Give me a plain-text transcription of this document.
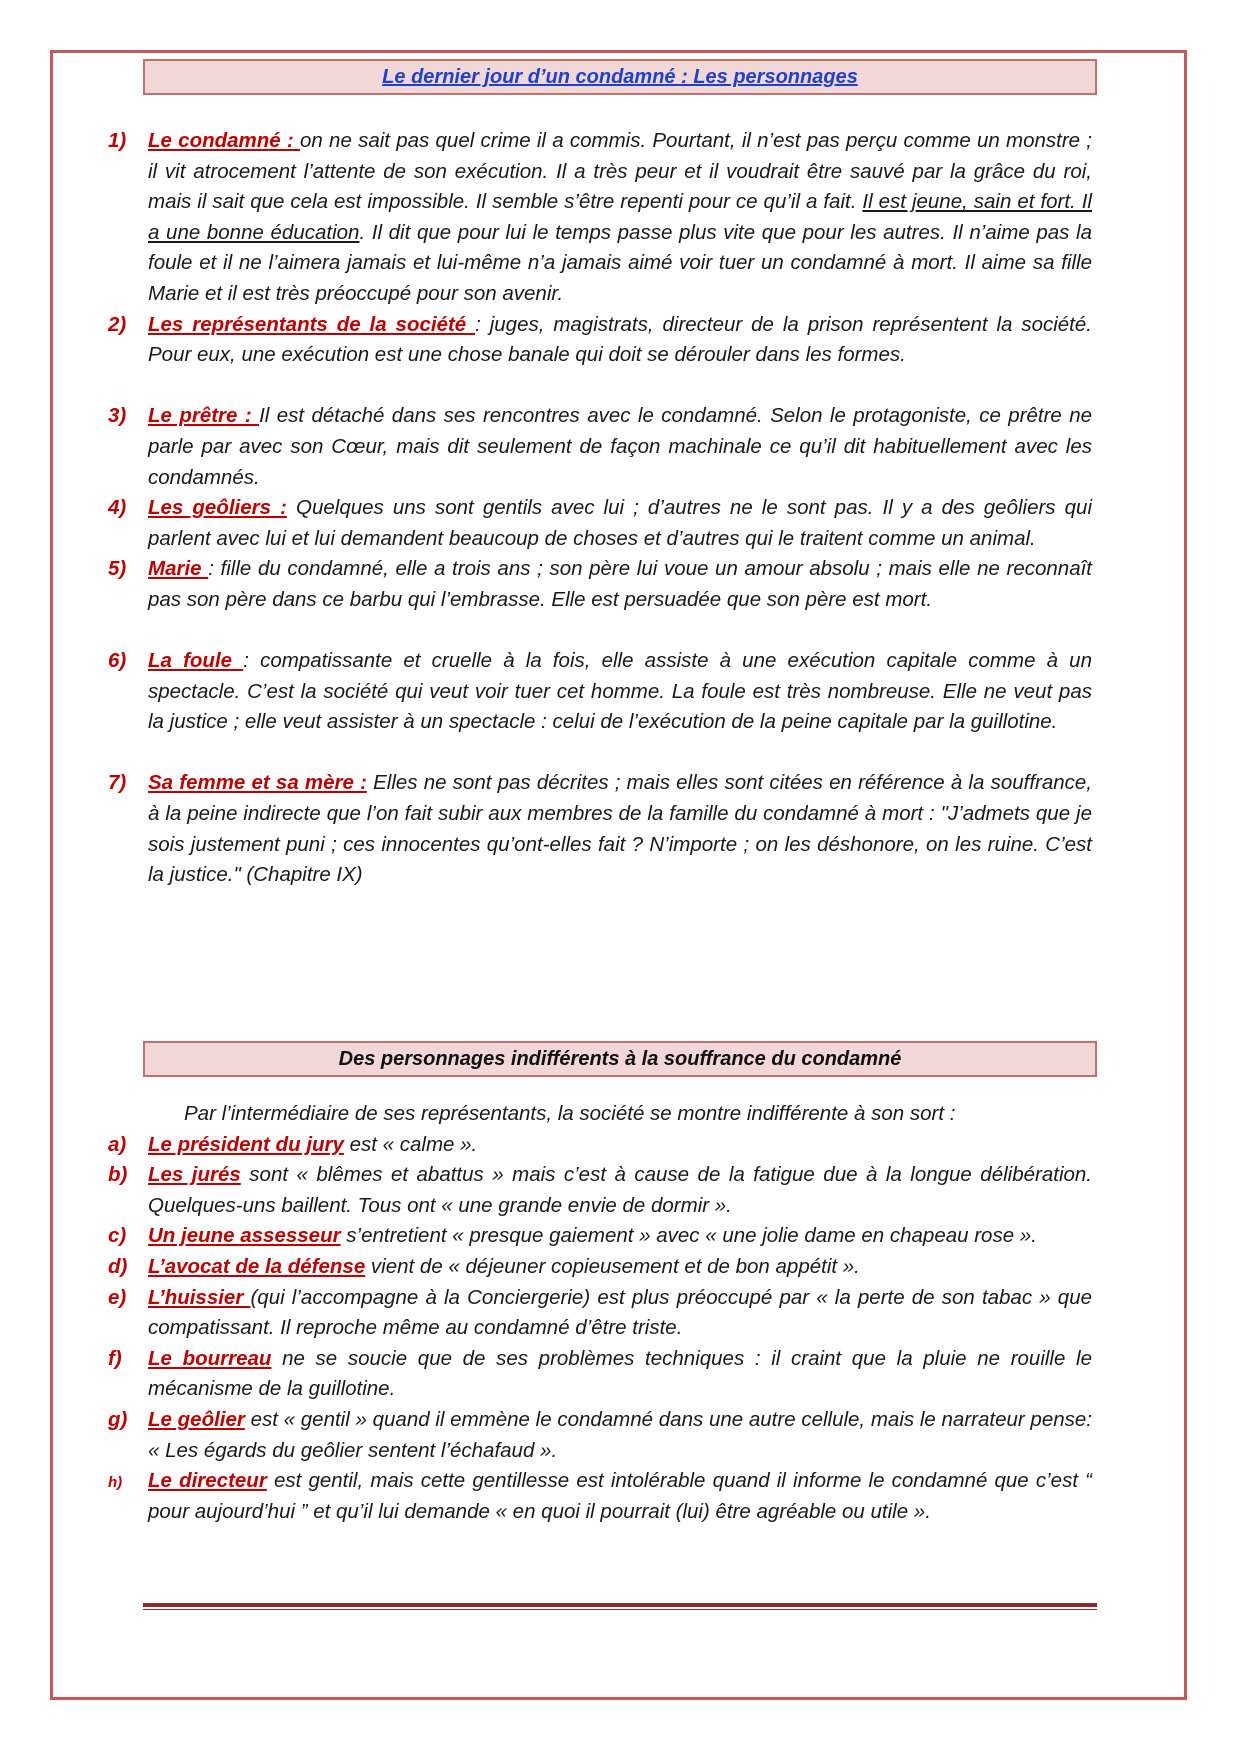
Le dernier jour d’un condamné : Les personnages
1) Le condamné : on ne sait pas quel crime il a commis. Pourtant, il n’est pas perçu comme un monstre ; il vit atrocement l’attente de son exécution. Il a très peur et il voudrait être sauvé par la grâce du roi, mais il sait que cela est impossible. Il semble s’être repenti pour ce qu’il a fait. Il est jeune, sain et fort. Il a une bonne éducation. Il dit que pour lui le temps passe plus vite que pour les autres. Il n’aime pas la foule et il ne l’aimera jamais et lui-même n’a jamais aimé voir tuer un condamné à mort. Il aime sa fille Marie et il est très préoccupé pour son avenir.
2) Les représentants de la société : juges, magistrats, directeur de la prison représentent la société. Pour eux, une exécution est une chose banale qui doit se dérouler dans les formes.
3) Le prêtre : Il est détaché dans ses rencontres avec le condamné. Selon le protagoniste, ce prêtre ne parle par avec son Cœur, mais dit seulement de façon machinale ce qu’il dit habituellement avec les condamnés.
4) Les geôliers : Quelques uns sont gentils avec lui ; d’autres ne le sont pas. Il y a des geôliers qui parlent avec lui et lui demandent beaucoup de choses et d’autres qui le traitent comme un animal.
5) Marie : fille du condamné, elle a trois ans ; son père lui voue un amour absolu ; mais elle ne reconnaît pas son père dans ce barbu qui l’embrasse. Elle est persuadée que son père est mort.
6) La foule : compatissante et cruelle à la fois, elle assiste à une exécution capitale comme à un spectacle. C’est la société qui veut voir tuer cet homme. La foule est très nombreuse. Elle ne veut pas la justice ; elle veut assister à un spectacle : celui de l’exécution de la peine capitale par la guillotine.
7) Sa femme et sa mère : Elles ne sont pas décrites ; mais elles sont citées en référence à la souffrance, à la peine indirecte que l’on fait subir aux membres de la famille du condamné à mort : "J’admets que je sois justement puni ; ces innocentes qu’ont-elles fait ? N’importe ; on les déshonore, on les ruine. C’est la justice." (Chapitre IX)
Des personnages indifférents à la souffrance du condamné
Par l’intermédiaire de ses représentants, la société se montre indifférente à son sort :
a) Le président du jury est « calme ».
b) Les jurés sont « blêmes et abattus » mais c’est à cause de la fatigue due à la longue délibération. Quelques-uns baillent. Tous ont « une grande envie de dormir ».
c) Un jeune assesseur s’entretient « presque gaiement » avec « une jolie dame en chapeau rose ».
d) L’avocat de la défense vient de « déjeuner copieusement et de bon appétit ».
e) L’huissier (qui l’accompagne à la Conciergerie) est plus préoccupé par « la perte de son tabac » que compatissant. Il reproche même au condamné d’être triste.
f) Le bourreau ne se soucie que de ses problèmes techniques : il craint que la pluie ne rouille le mécanisme de la guillotine.
g) Le geôlier est « gentil » quand il emmène le condamné dans une autre cellule, mais le narrateur pense: « Les égards du geôlier sentent l’échafaud ».
h) Le directeur est gentil, mais cette gentillesse est intolérable quand il informe le condamné que c’est “ pour aujourd’hui ” et qu’il lui demande « en quoi il pourrait (lui) être agréable ou utile ».
